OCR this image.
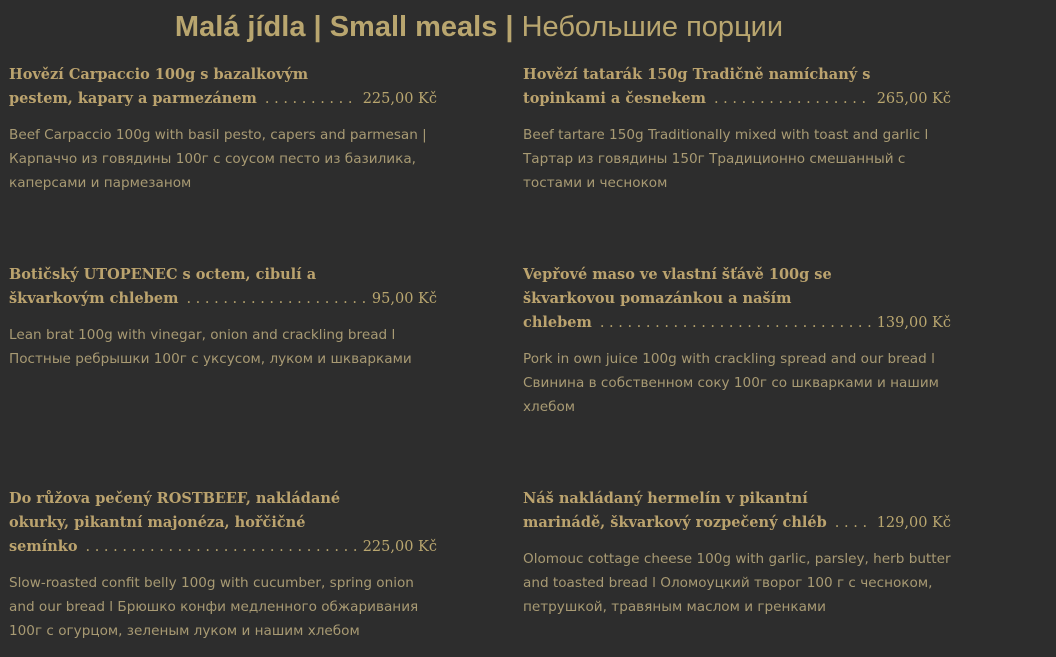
Malá jídla | Small meals | Небольшие порции
Hovězí Carpaccio 100g s bazalkovým
pestem, kapary a parmezánem . . .	225,00 Kč
Beef Carpaccio 100g with basil pesto, capers and parmesan | Карпаччо из говядины 100г с соусом песто из базилика, каперсами и пармезаном
Hovězí tatarák 150g Tradičně namíchaný s
topinkami a česnekem . . .	265,00 Kč
Beef tartare 150g Traditionally mixed with toast and garlic l Тартар из говядины 150г Традиционно смешанный с тостами и чесноком
Botičský UTOPENEC s octem, cibulí a
škvarkovým chlebem . . .	95,00 Kč
Lean brat 100g with vinegar, onion and crackling bread l Постные ребрышки 100г с уксусом, луком и шкварками
Vepřové maso ve vlastní šťávě 100g se
škvarkovou pomazánkou a naším
chlebem . . .	139,00 Kč
Pork in own juice 100g with crackling spread and our bread l Свинина в собственном соку 100г со шкварками и нашим хлебом
Do růžova pečený ROSTBEEF, nakládané
okurky, pikantní majonéza, hořčičné
semínko . . .	225,00 Kč
Slow-roasted confit belly 100g with cucumber, spring onion and our bread l Брюшко конфи медленного обжаривания 100г с огурцом, зеленым луком и нашим хлебом
Náš nakládaný hermelín v pikantní
marinádě, škvarkový rozpečený chléb . . .	129,00 Kč
Olomouc cottage cheese 100g with garlic, parsley, herb butter and toasted bread l Оломоуцкий творог 100 г с чесноком, петрушкой, травяным маслом и гренками
